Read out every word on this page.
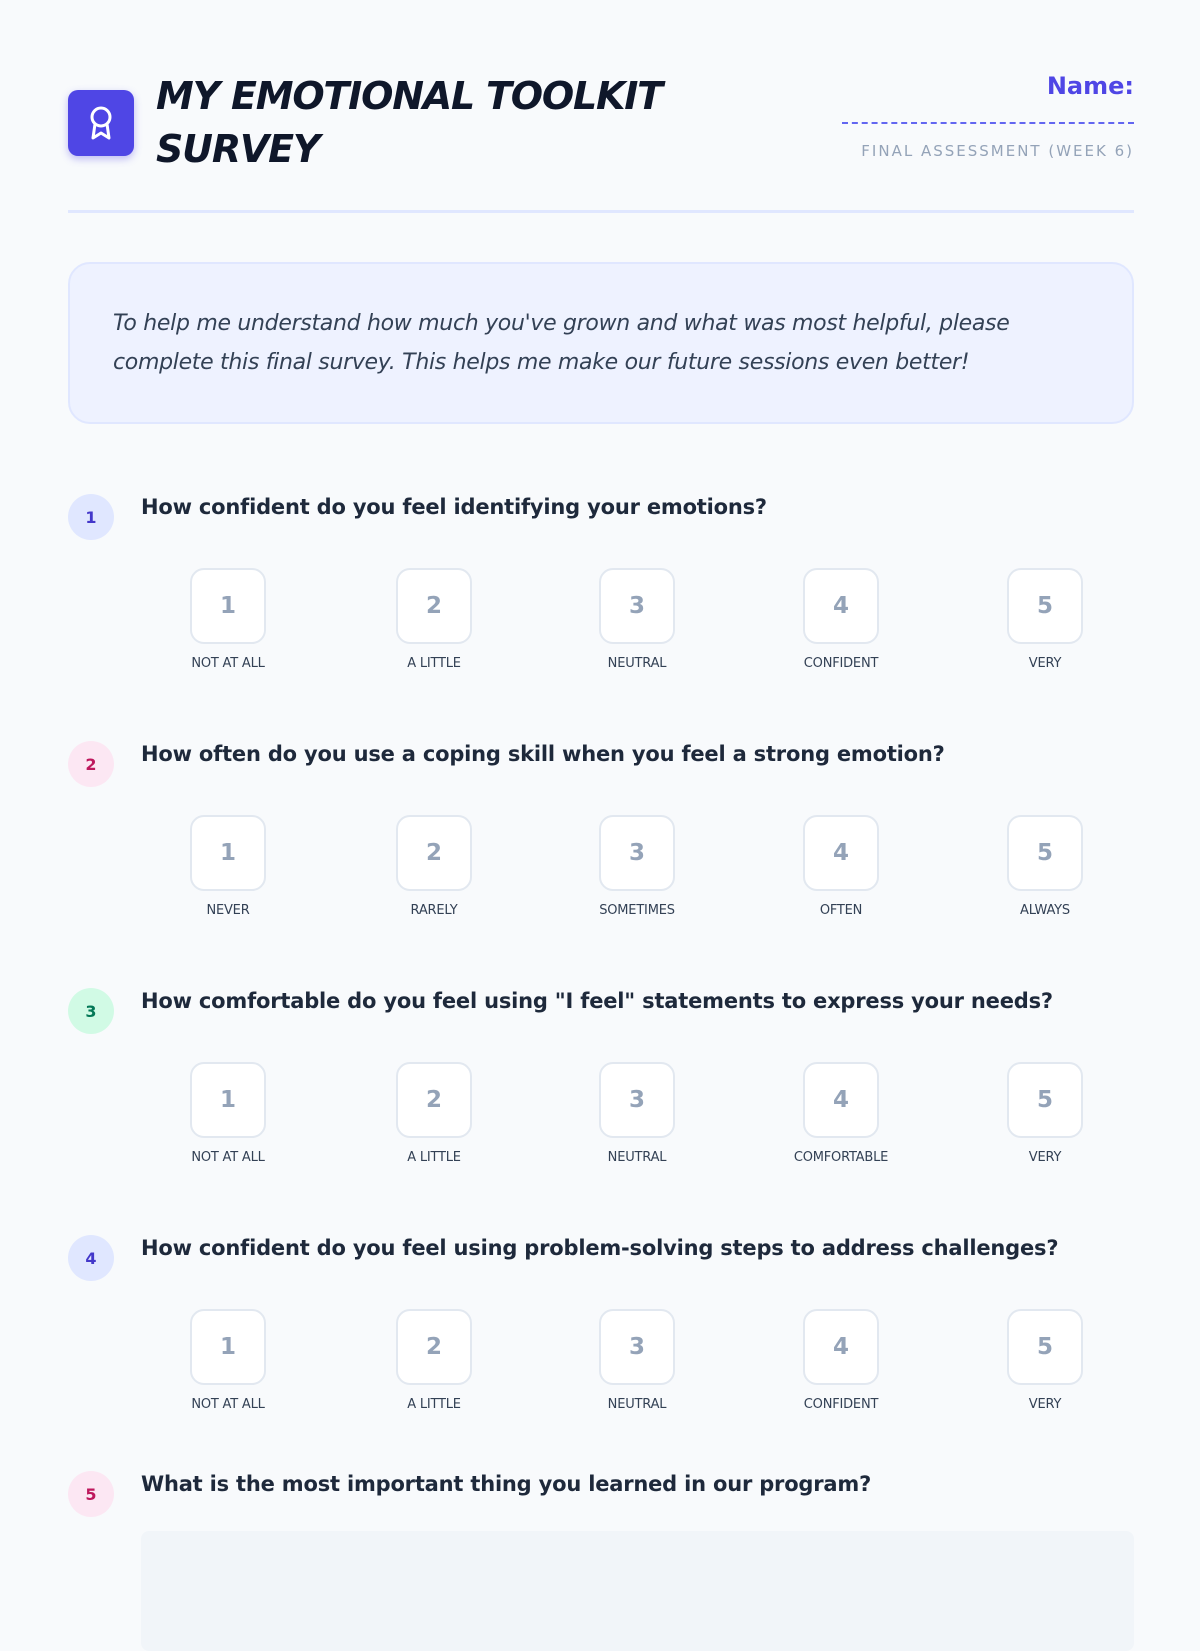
MY EMOTIONAL TOOLKIT SURVEY
Name:
FINAL ASSESSMENT (WEEK 6)
To help me understand how much you've grown and what was most helpful, please complete this final survey. This helps me make our future sessions even better!
1	How confident do you feel identifying your emotions?
1
NOT AT ALL
2
A LITTLE
3
NEUTRAL
4
CONFIDENT
5
VERY
2	How often do you use a coping skill when you feel a strong emotion?
1
NEVER
2
RARELY
3
SOMETIMES
4
OFTEN
5
ALWAYS
3	How comfortable do you feel using "I feel" statements to express your needs?
1
NOT AT ALL
2
A LITTLE
3
NEUTRAL
4
COMFORTABLE
5
VERY
4	How confident do you feel using problem-solving steps to address challenges?
1
NOT AT ALL
2
A LITTLE
3
NEUTRAL
4
CONFIDENT
5
VERY
5	What is the most important thing you learned in our program?
